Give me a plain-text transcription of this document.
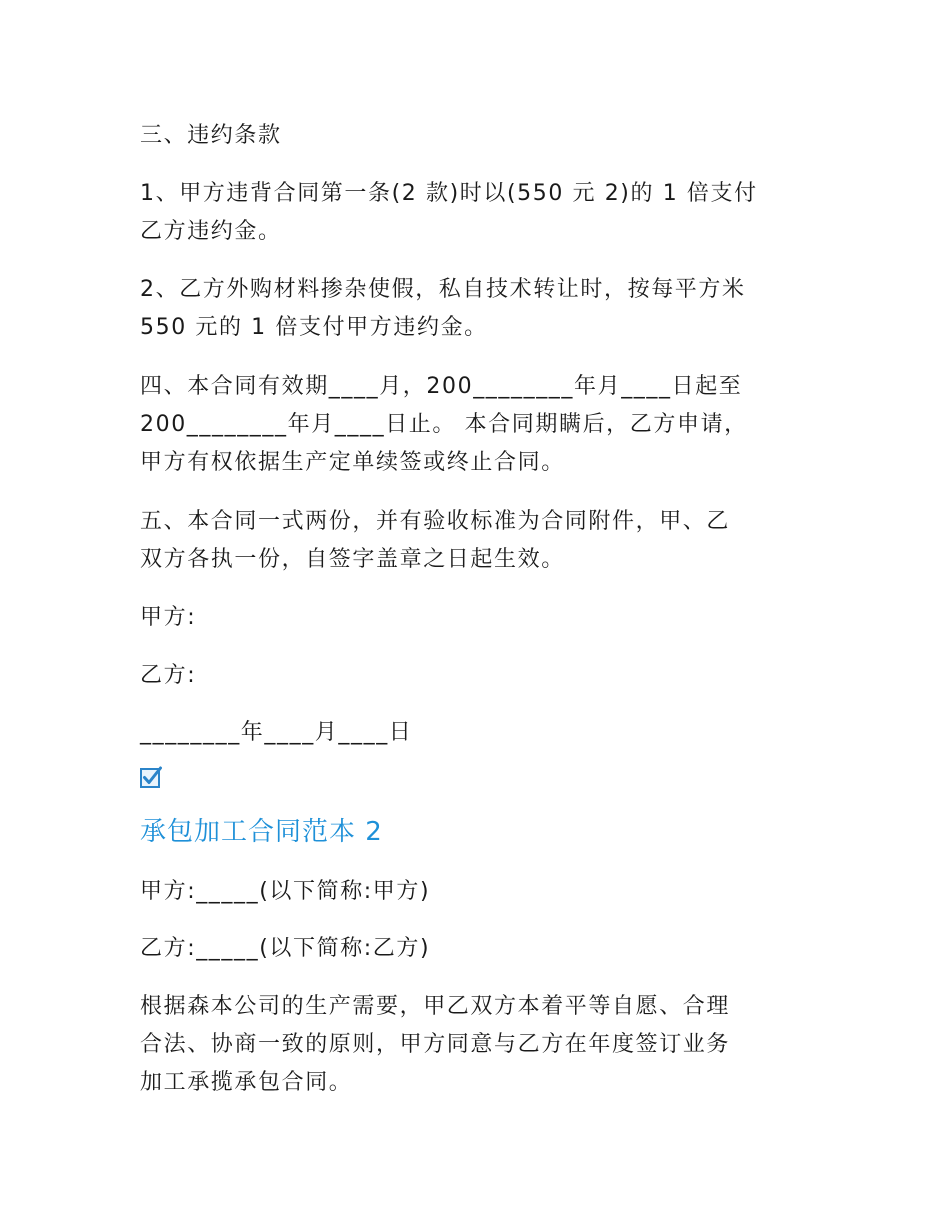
三、违约条款

1、甲方违背合同第一条(2 款)时以(550 元 2)的 1 倍支付
乙方违约金。
2、乙方外购材料掺杂使假，私自技术转让时，按每平方米
550 元的 1 倍支付甲方违约金。
四、本合同有效期____月，200________年月____日起至
200________年月____日止。 本合同期瞒后，乙方申请，
甲方有权依据生产定单续签或终止合同。
五、本合同一式两份，并有验收标准为合同附件，甲、乙
双方各执一份，自签字盖章之日起生效。

甲方:

乙方:

________年____月____日

承包加工合同范本 2

甲方:_____(以下简称:甲方)

乙方:_____(以下简称:乙方)

根据森本公司的生产需要，甲乙双方本着平等自愿、合理
合法、协商一致的原则，甲方同意与乙方在年度签订业务
加工承揽承包合同。
